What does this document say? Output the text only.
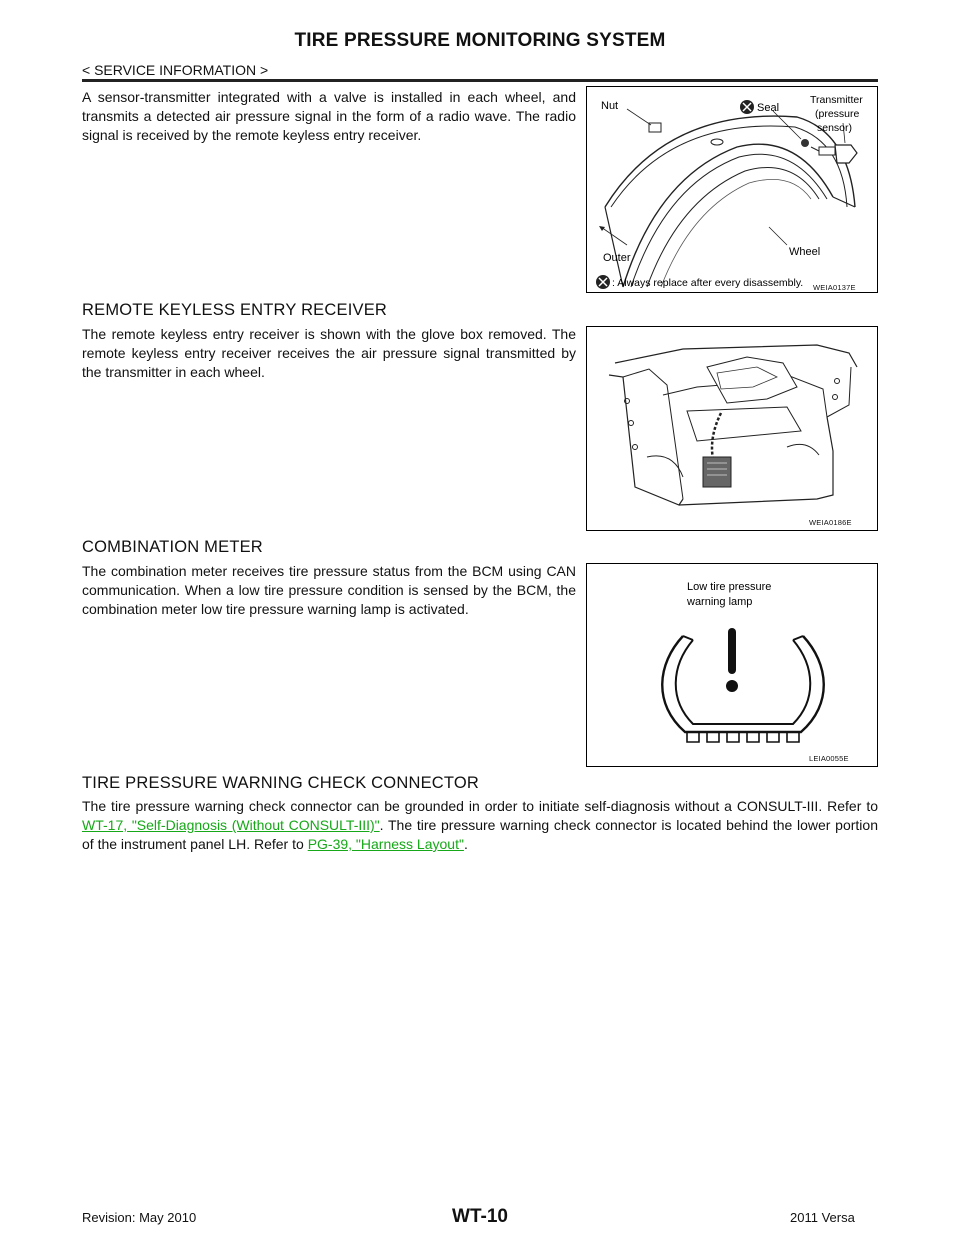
TIRE PRESSURE MONITORING SYSTEM
< SERVICE INFORMATION >
A sensor-transmitter integrated with a valve is installed in each wheel, and transmits a detected air pressure signal in the form of a radio wave. The radio signal is received by the remote keyless entry receiver.
Nut	Seal
Transmitter
(pressure
sensor)
Outer	Wheel
: Always replace after every disassembly. WEIA0137E
REMOTE KEYLESS ENTRY RECEIVER
The remote keyless entry receiver is shown with the glove box removed. The remote keyless entry receiver receives the air pressure signal transmitted by the transmitter in each wheel.
WEIA0186E
COMBINATION METER
The combination meter receives tire pressure status from the BCM using CAN communication. When a low tire pressure condition is sensed by the BCM, the combination meter low tire pressure warning lamp is activated.
Low tire pressure
warning lamp
LEIA0055E
TIRE PRESSURE WARNING CHECK CONNECTOR
The tire pressure warning check connector can be grounded in order to initiate self-diagnosis without a CONSULT-III. Refer to WT-17, "Self-Diagnosis (Without CONSULT-III)". The tire pressure warning check connector is located behind the lower portion of the instrument panel LH. Refer to PG-39, "Harness Layout".
Revision: May 2010	WT-10	2011 Versa
